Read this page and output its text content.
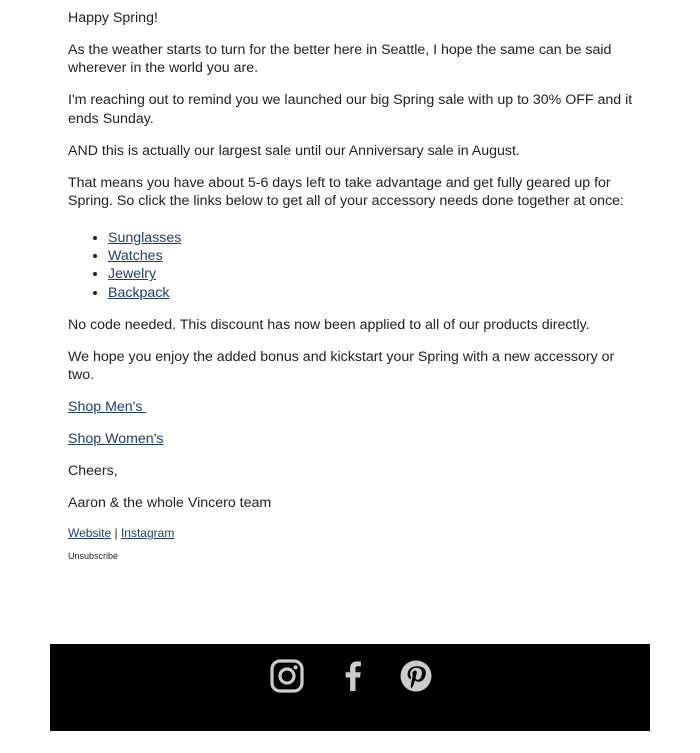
Happy Spring!

As the weather starts to turn for the better here in Seattle, I hope the same can be said wherever in the world you are.

I'm reaching out to remind you we launched our big Spring sale with up to 30% OFF and it ends Sunday.

AND this is actually our largest sale until our Anniversary sale in August.

That means you have about 5-6 days left to take advantage and get fully geared up for Spring. So click the links below to get all of your accessory needs done together at once:

• Sunglasses
• Watches
• Jewelry
• Backpack

No code needed. This discount has now been applied to all of our products directly.

We hope you enjoy the added bonus and kickstart your Spring with a new accessory or two.

Shop Men's

Shop Women's

Cheers,

Aaron & the whole Vincero team

Website | Instagram
Unsubscribe
